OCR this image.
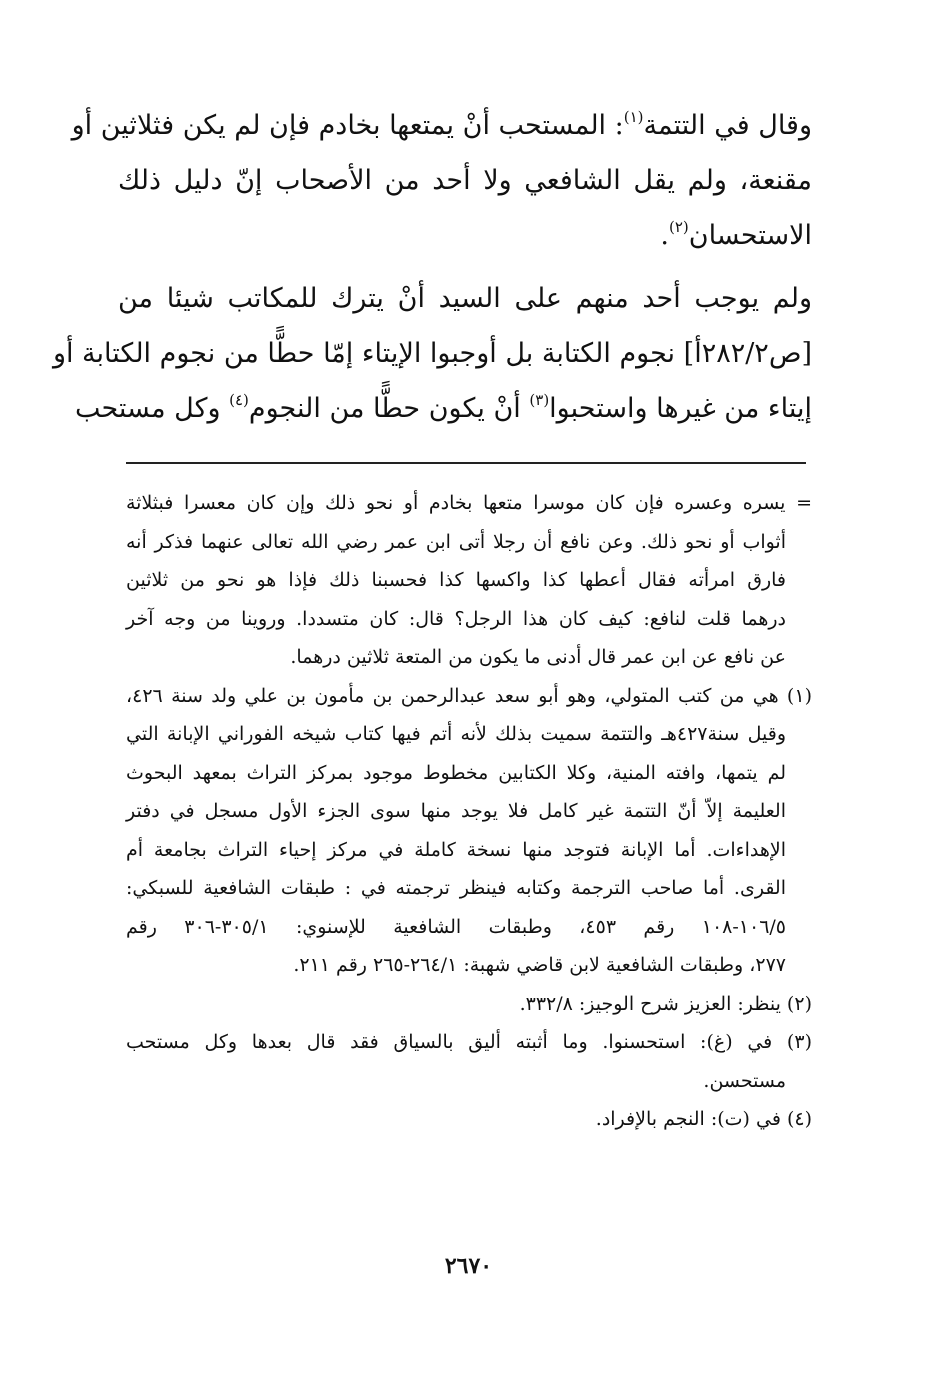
وقال في التتمة$^{(١)}$: المستحب أنْ يمتعها بخادم فإن لم يكن فثلاثين أو
مقنعة، ولم يقل الشافعي ولا أحد من الأصحاب إنّ دليل ذلك
الاستحسان$^{(٢)}$.

ولم يوجب أحد منهم على السيد أنْ يترك للمكاتب شيئا من
[ص٢٨٢/٢أ] نجوم الكتابة بل أوجبوا الإيتاء إمّا حطًّا من نجوم الكتابة أو
إيتاء من غيرها واستحبوا$^{(٣)}$ أنْ يكون حطًّا من النجوم$^{(٤)}$ وكل مستحب

= يسره وعسره فإن كان موسرا متعها بخادم أو نحو ذلك وإن كان معسرا فبثلاثة
أثواب أو نحو ذلك. وعن نافع أن رجلا أتى ابن عمر رضي الله تعالى عنهما فذكر أنه
فارق امرأته فقال أعطها كذا واكسها كذا فحسبنا ذلك فإذا هو نحو من ثلاثين
درهما قلت لنافع: كيف كان هذا الرجل؟ قال: كان متسددا. وروينا من وجه آخر
عن نافع عن ابن عمر قال أدنى ما يكون من المتعة ثلاثين درهما.
(١) هي من كتب المتولي، وهو أبو سعد عبدالرحمن بن مأمون بن علي ولد سنة ٤٢٦،
وقيل سنة٤٢٧هـ والتتمة سميت بذلك لأنه أتم فيها كتاب شيخه الفوراني الإبانة التي
لم يتمها، وافته المنية، وكلا الكتابين مخطوط موجود بمركز التراث بمعهد البحوث
العليمة إلاّ أنّ التتمة غير كامل فلا يوجد منها سوى الجزء الأول مسجل في دفتر
الإهداءات. أما الإبانة فتوجد منها نسخة كاملة في مركز إحياء التراث بجامعة أم
القرى. أما صاحب الترجمة وكتابه فينظر ترجمته في : طبقات الشافعية للسبكي:
١٠٦/٥-١٠٨ رقم ٤٥٣، وطبقات الشافعية للإسنوي: ٣٠٥/١-٣٠٦ رقم
٢٧٧، وطبقات الشافعية لابن قاضي شهبة: ٢٦٤/١-٢٦٥ رقم ٢١١.
(٢) ينظر: العزيز شرح الوجيز: ٣٣٢/٨.
(٣) في (غ): استحسنوا. وما أثبته أليق بالسياق فقد قال بعدها وكل مستحب
مستحسن.
(٤) في (ت): النجم بالإفراد.
٢٦٧٠
